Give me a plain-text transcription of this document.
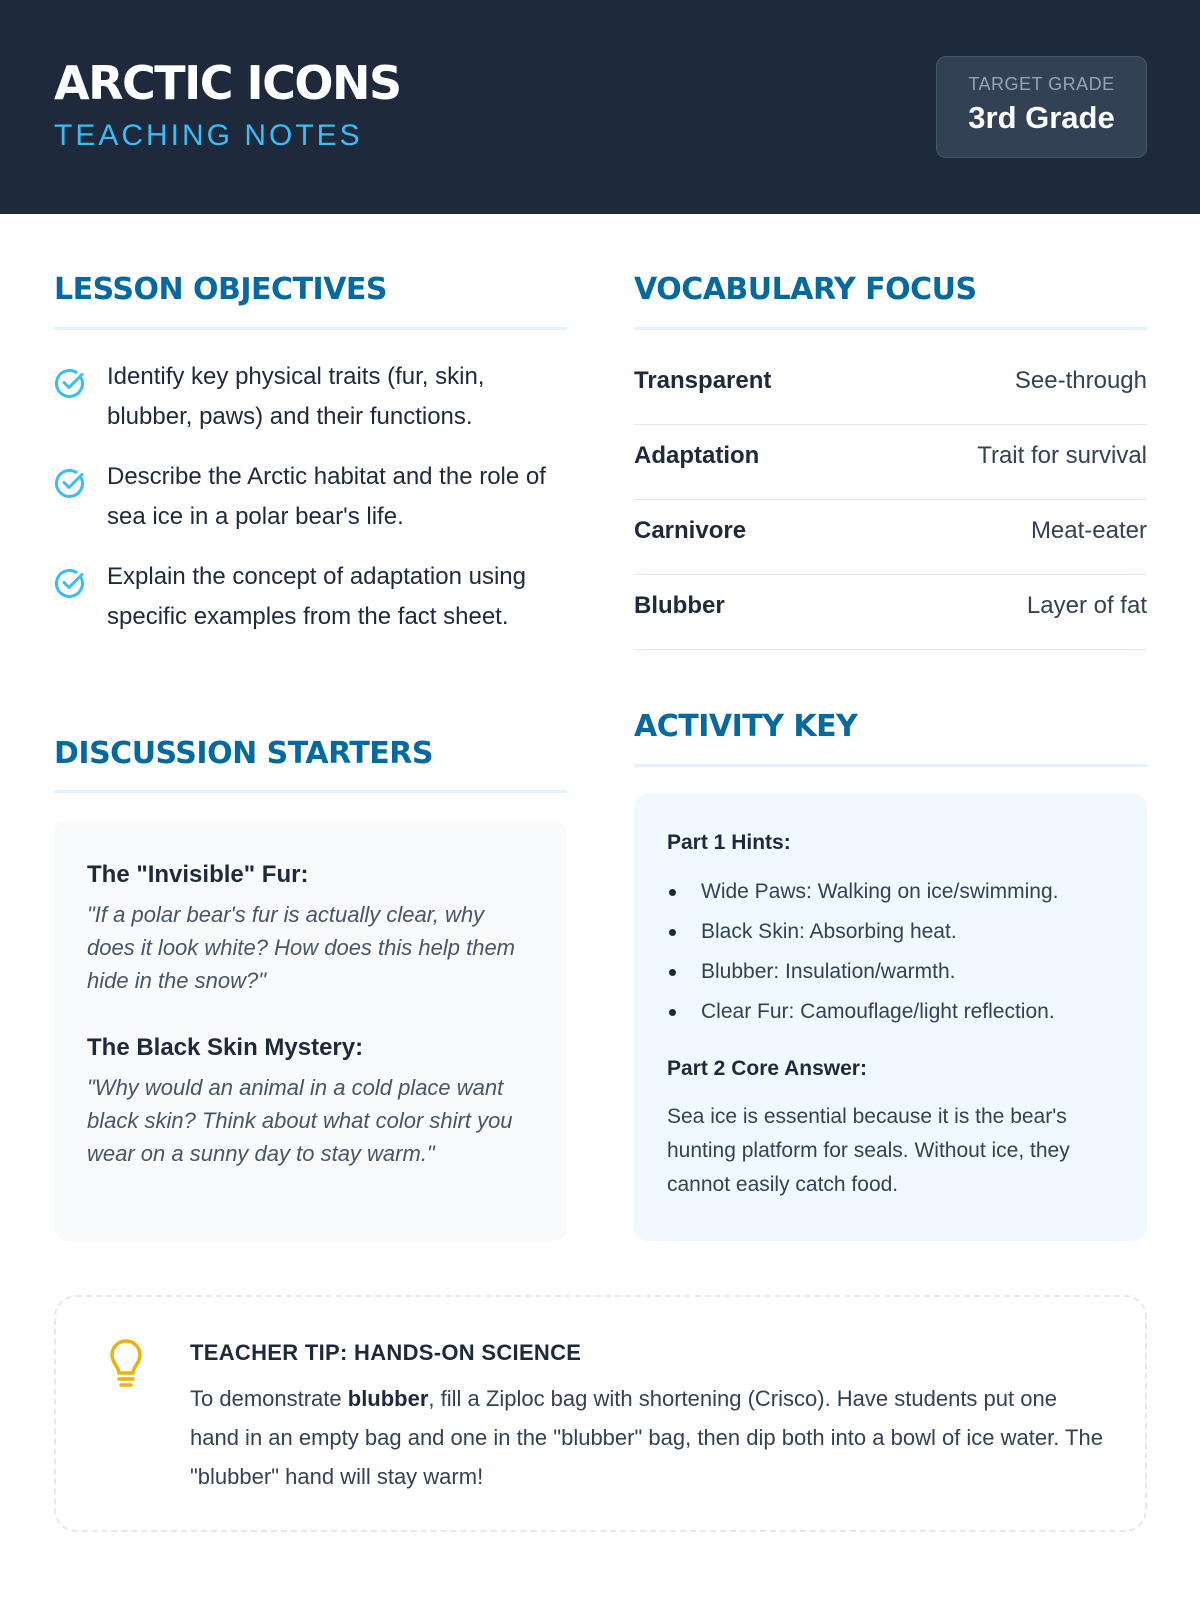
ARCTIC ICONS
TEACHING NOTES
TARGET GRADE
3rd Grade
LESSON OBJECTIVES
Identify key physical traits (fur, skin, blubber, paws) and their functions.
Describe the Arctic habitat and the role of sea ice in a polar bear's life.
Explain the concept of adaptation using specific examples from the fact sheet.
VOCABULARY FOCUS
Transparent	See-through
Adaptation	Trait for survival
Carnivore	Meat-eater
Blubber	Layer of fat
DISCUSSION STARTERS
The "Invisible" Fur:
"If a polar bear's fur is actually clear, why does it look white? How does this help them hide in the snow?"
The Black Skin Mystery:
"Why would an animal in a cold place want black skin? Think about what color shirt you wear on a sunny day to stay warm."
ACTIVITY KEY
Part 1 Hints:
Wide Paws: Walking on ice/swimming.
Black Skin: Absorbing heat.
Blubber: Insulation/warmth.
Clear Fur: Camouflage/light reflection.
Part 2 Core Answer:
Sea ice is essential because it is the bear's hunting platform for seals. Without ice, they cannot easily catch food.
TEACHER TIP: HANDS-ON SCIENCE
To demonstrate blubber, fill a Ziploc bag with shortening (Crisco). Have students put one hand in an empty bag and one in the "blubber" bag, then dip both into a bowl of ice water. The "blubber" hand will stay warm!
